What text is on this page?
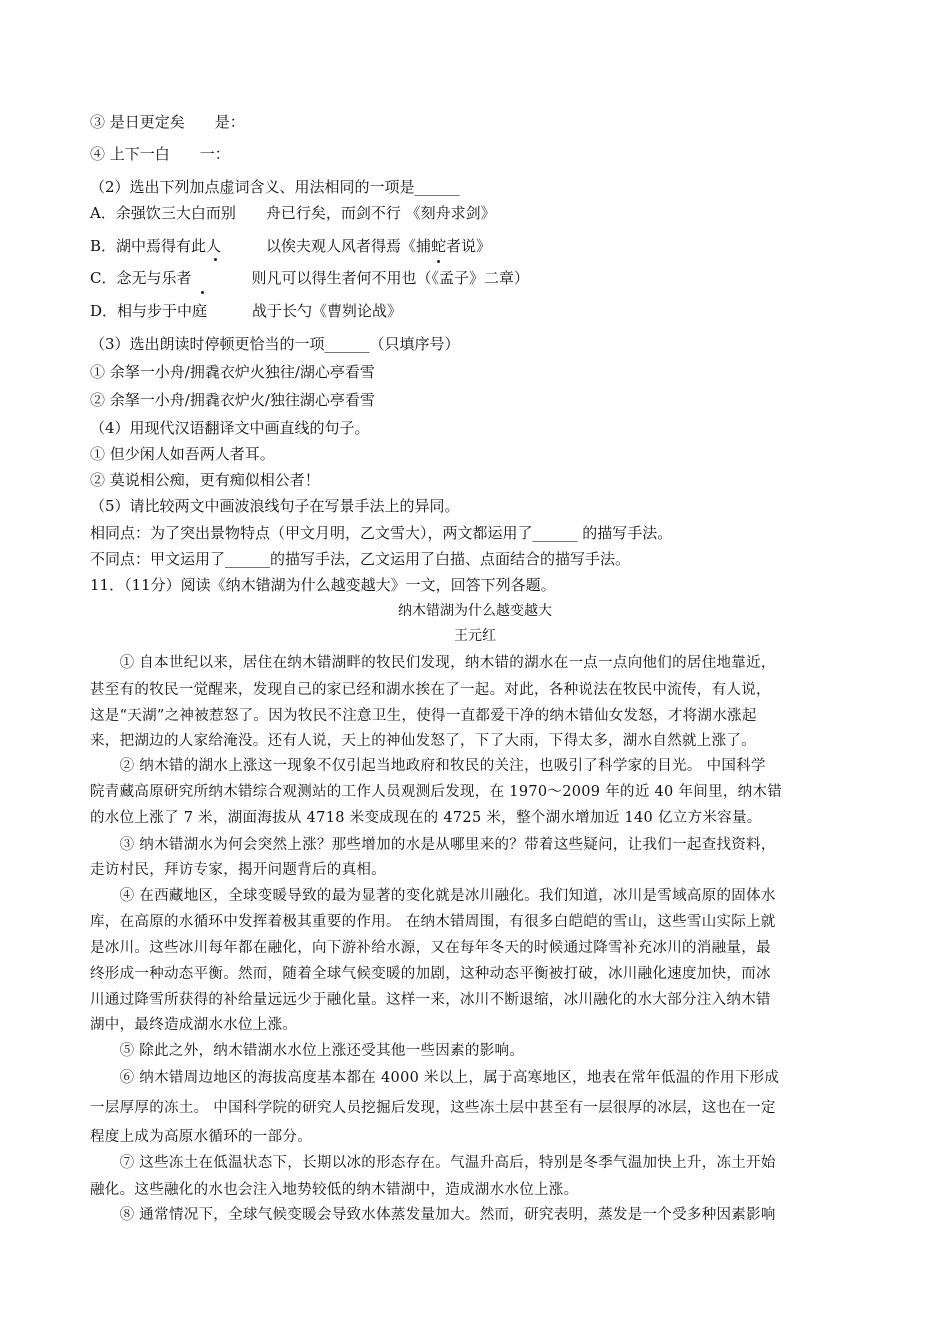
③ 是日更定矣　　是：
④ 上下一白　　一：
（2）选出下列加点虚词含义、用法相同的一项是______
A．余强饮三大白而别　　舟已行矣，而剑不行 《刻舟求剑》
B．湖中焉得有此人　　　以俟夫观人风者得焉《捕蛇者说》
C．念无与乐者　　　　则凡可以得生者何不用也（《孟子》二章）
D．相与步于中庭　　　战于长勺《曹刿论战》
（3）选出朗读时停顿更恰当的一项______（只填序号）
① 余拏一小舟/拥毳衣炉火独往/湖心亭看雪
② 余拏一小舟/拥毳衣炉火/独往湖心亭看雪
（4）用现代汉语翻译文中画直线的句子。
① 但少闲人如吾两人者耳。
② 莫说相公痴，更有痴似相公者！
（5）请比较两文中画波浪线句子在写景手法上的异同。
相同点：为了突出景物特点（甲文月明，乙文雪大），两文都运用了______ 的描写手法。
不同点：甲文运用了______的描写手法，乙文运用了白描、点面结合的描写手法。
11．（11分）阅读《纳木错湖为什么越变越大》一文，回答下列各题。
纳木错湖为什么越变越大
王元红
　　① 自本世纪以来，居住在纳木错湖畔的牧民们发现，纳木错的湖水在一点一点向他们的居住地靠近，
甚至有的牧民一觉醒来，发现自己的家已经和湖水挨在了一起。对此，各种说法在牧民中流传，有人说，
这是“天湖”之神被惹怒了。因为牧民不注意卫生，使得一直都爱干净的纳木错仙女发怒，才将湖水涨起
来，把湖边的人家给淹没。还有人说，天上的神仙发怒了，下了大雨，下得太多，湖水自然就上涨了。
　　② 纳木错的湖水上涨这一现象不仅引起当地政府和牧民的关注，也吸引了科学家的目光。 中国科学
院青藏高原研究所纳木错综合观测站的工作人员观测后发现，在 1970～2009 年的近 40 年间里，纳木错
的水位上涨了 7 米，湖面海拔从 4718 米变成现在的 4725 米，整个湖水增加近 140 亿立方米容量。
　　③ 纳木错湖水为何会突然上涨？那些增加的水是从哪里来的？带着这些疑问，让我们一起查找资料，
走访村民，拜访专家，揭开问题背后的真相。
　　④ 在西藏地区，全球变暖导致的最为显著的变化就是冰川融化。我们知道，冰川是雪域高原的固体水
库，在高原的水循环中发挥着极其重要的作用。 在纳木错周围，有很多白皑皑的雪山，这些雪山实际上就
是冰川。这些冰川每年都在融化，向下游补给水源，又在每年冬天的时候通过降雪补充冰川的消融量，最
终形成一种动态平衡。然而，随着全球气候变暖的加剧，这种动态平衡被打破，冰川融化速度加快，而冰
川通过降雪所获得的补给量远远少于融化量。这样一来，冰川不断退缩，冰川融化的水大部分注入纳木错
湖中，最终造成湖水水位上涨。
　　⑤ 除此之外，纳木错湖水水位上涨还受其他一些因素的影响。
　　⑥ 纳木错周边地区的海拔高度基本都在 4000 米以上，属于高寒地区，地表在常年低温的作用下形成
一层厚厚的冻土。 中国科学院的研究人员挖掘后发现，这些冻土层中甚至有一层很厚的冰层，这也在一定
程度上成为高原水循环的一部分。
　　⑦ 这些冻土在低温状态下，长期以冰的形态存在。气温升高后，特别是冬季气温加快上升，冻土开始
融化。这些融化的水也会注入地势较低的纳木错湖中，造成湖水水位上涨。
　　⑧ 通常情况下，全球气候变暖会导致水体蒸发量加大。然而，研究表明，蒸发是一个受多种因素影响
